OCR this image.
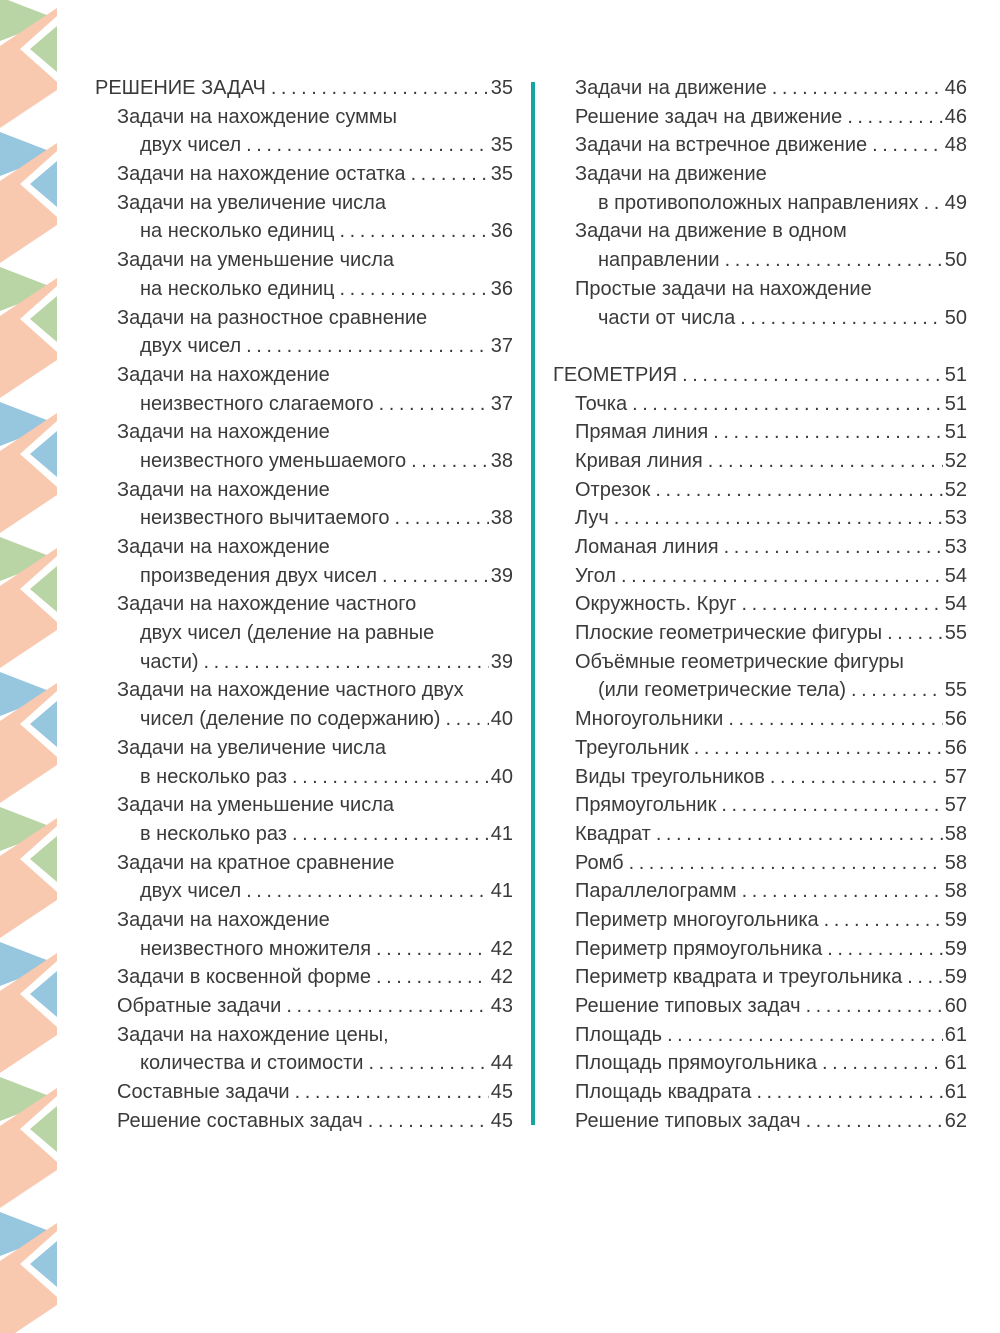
РЕШЕНИЕ ЗАДАЧ . . .	35
Задачи на нахождение суммы
двух чисел . . .	35
Задачи на нахождение остатка . . .	35
Задачи на увеличение числа
на несколько единиц . . .	36
Задачи на уменьшение числа
на несколько единиц . . .	36
Задачи на разностное сравнение
двух чисел . . .	37
Задачи на нахождение
неизвестного слагаемого . . .	37
Задачи на нахождение
неизвестного уменьшаемого . . .	38
Задачи на нахождение
неизвестного вычитаемого . . .	38
Задачи на нахождение
произведения двух чисел . . .	39
Задачи на нахождение частного
двух чисел (деление на равные
части) . . .	39
Задачи на нахождение частного двух
чисел (деление по содержанию) . . .	40
Задачи на увеличение числа
в несколько раз . . .	40
Задачи на уменьшение числа
в несколько раз . . .	41
Задачи на кратное сравнение
двух чисел . . .	41
Задачи на нахождение
неизвестного множителя . . .	42
Задачи в косвенной форме . . .	42
Обратные задачи . . .	43
Задачи на нахождение цены,
количества и стоимости . . .	44
Составные задачи . . .	45
Решение составных задач . . .	45
Задачи на движение . . .	46
Решение задач на движение . . .	46
Задачи на встречное движение . . .	48
Задачи на движение
в противоположных направлениях . . . 49
Задачи на движение в одном
направлении . . .	50
Простые задачи на нахождение
части от числа . . .	50
ГЕОМЕТРИЯ . . .	51
Точка . . .	51
Прямая линия . . .	51
Кривая линия . . .	52
Отрезок . . .	52
Луч . . .	53
Ломаная линия . . .	53
Угол . . .	54
Окружность. Круг . . .	54
Плоские геометрические фигуры . . .	55
Объёмные геометрические фигуры
(или геометрические тела) . . .	55
Многоугольники . . .	56
Треугольник . . .	56
Виды треугольников . . .	57
Прямоугольник . . .	57
Квадрат . . .	58
Ромб . . .	58
Параллелограмм . . .	58
Периметр многоугольника . . .	59
Периметр прямоугольника . . .	59
Периметр квадрата и треугольника . . . 59
Решение типовых задач . . .	60
Площадь . . .	61
Площадь прямоугольника . . .	61
Площадь квадрата . . .	61
Решение типовых задач . . .	62
